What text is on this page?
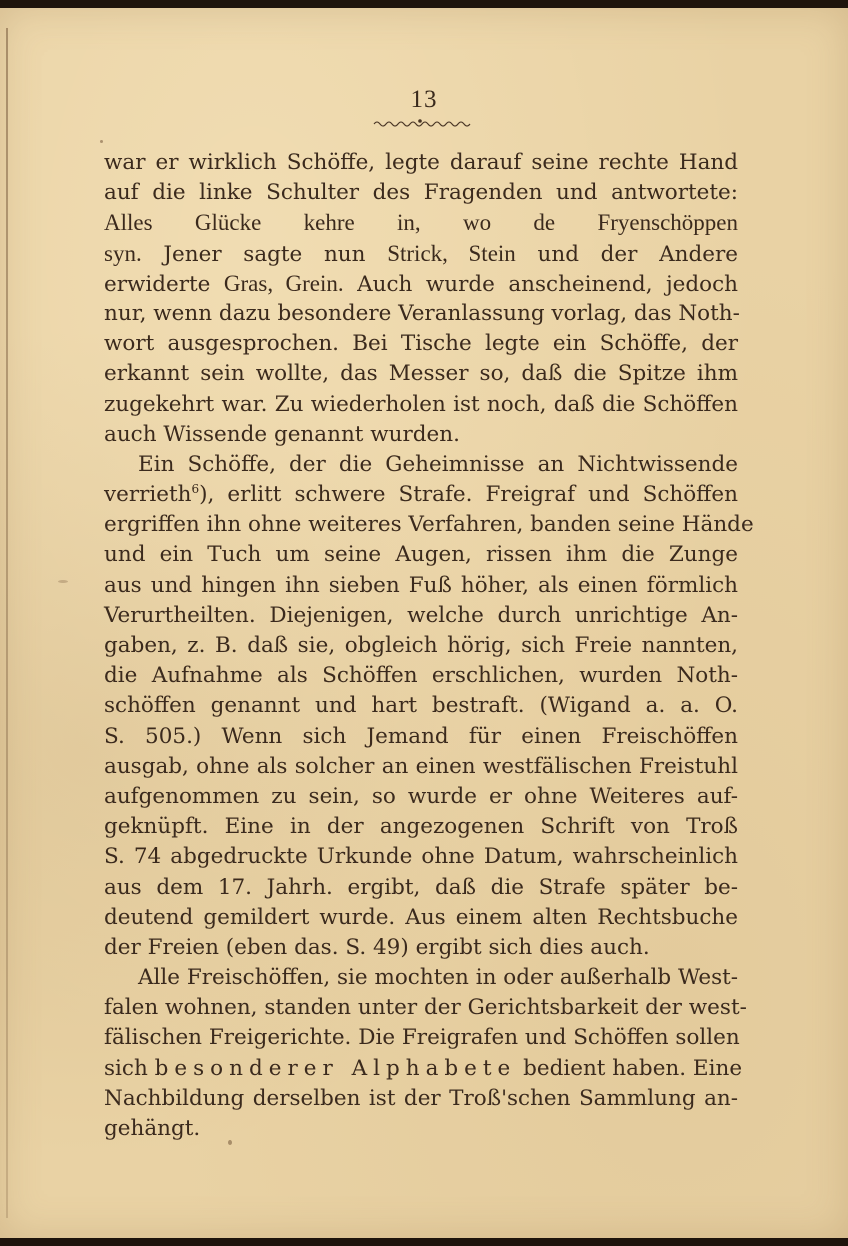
13

war er wirklich Schöffe, legte darauf seine rechte Hand
auf die linke Schulter des Fragenden und antwortete:
Alles Glücke kehre in, wo de Fryenschöppen
syn. Jener sagte nun Strick, Stein und der Andere
erwiderte Gras, Grein. Auch wurde anscheinend, jedoch
nur, wenn dazu besondere Veranlassung vorlag, das Noth-
wort ausgesprochen. Bei Tische legte ein Schöffe, der
erkannt sein wollte, das Messer so, daß die Spitze ihm
zugekehrt war. Zu wiederholen ist noch, daß die Schöffen
auch Wissende genannt wurden.

Ein Schöffe, der die Geheimnisse an Nichtwissende
verrieth$^6$), erlitt schwere Strafe. Freigraf und Schöffen
ergriffen ihn ohne weiteres Verfahren, banden seine Hände
und ein Tuch um seine Augen, rissen ihm die Zunge
aus und hingen ihn sieben Fuß höher, als einen förmlich
Verurtheilten. Diejenigen, welche durch unrichtige An-
gaben, z. B. daß sie, obgleich hörig, sich Freie nannten,
die Aufnahme als Schöffen erschlichen, wurden Noth-
schöffen genannt und hart bestraft. (Wigand a. a. O.
S. 505.) Wenn sich Jemand für einen Freischöffen
ausgab, ohne als solcher an einen westfälischen Freistuhl
aufgenommen zu sein, so wurde er ohne Weiteres auf-
geknüpft. Eine in der angezogenen Schrift von Troß
S. 74 abgedruckte Urkunde ohne Datum, wahrscheinlich
aus dem 17. Jahrh. ergibt, daß die Strafe später be-
deutend gemildert wurde. Aus einem alten Rechtsbuche
der Freien (eben das. S. 49) ergibt sich dies auch.

Alle Freischöffen, sie mochten in oder außerhalb West-
falen wohnen, standen unter der Gerichtsbarkeit der west-
fälischen Freigerichte. Die Freigrafen und Schöffen sollen
sich besonderer Alphabete bedient haben. Eine
Nachbildung derselben ist der Troß'schen Sammlung an-
gehängt.
